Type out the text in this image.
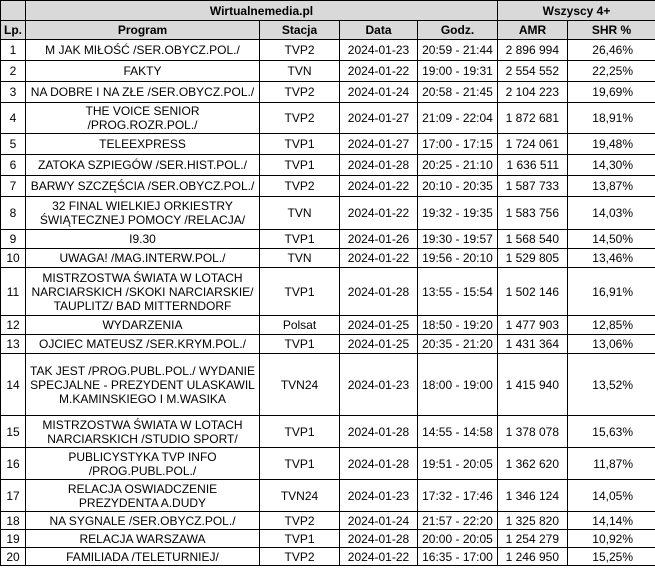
	Wirtualnemedia.pl				Wszyscy 4+	
Lp.	Program	Stacja	Data	Godz.	AMR	SHR %
1	M JAK MIŁOŚĆ /SER.OBYCZ.POL./	TVP2	2024-01-23	20:59 - 21:44	2 896 994	26,46%
2	FAKTY	TVN	2024-01-22	19:00 - 19:31	2 554 552	22,25%
3	NA DOBRE I NA ZŁE /SER.OBYCZ.POL./	TVP2	2024-01-24	20:58 - 21:45	2 104 223	19,69%
4	THE VOICE SENIOR /PROG.ROZR.POL./	TVP2	2024-01-27	21:09 - 22:04	1 872 681	18,91%
5	TELEEXPRESS	TVP1	2024-01-27	17:00 - 17:15	1 724 061	19,48%
6	ZATOKA SZPIEGÓW /SER.HIST.POL./	TVP1	2024-01-28	20:25 - 21:10	1 636 511	14,30%
7	BARWY SZCZĘŚCIA /SER.OBYCZ.POL./	TVP2	2024-01-22	20:10 - 20:35	1 587 733	13,87%
8	32 FINAL WIELKIEJ ORKIESTRY ŚWIĄTECZNEJ POMOCY /RELACJA/	TVN	2024-01-22	19:32 - 19:35	1 583 756	14,03%
9	I9.30	TVP1	2024-01-26	19:30 - 19:57	1 568 540	14,50%
10	UWAGA! /MAG.INTERW.POL./	TVN	2024-01-22	19:56 - 20:10	1 529 805	13,46%
11	MISTRZOSTWA ŚWIATA W LOTACH NARCIARSKICH /SKOKI NARCIARSKIE/ TAUPLITZ/ BAD MITTERNDORF	TVP1	2024-01-28	13:55 - 15:54	1 502 146	16,91%
12	WYDARZENIA	Polsat	2024-01-25	18:50 - 19:20	1 477 903	12,85%
13	OJCIEC MATEUSZ /SER.KRYM.POL./	TVP1	2024-01-25	20:35 - 21:20	1 431 364	13,06%
14	TAK JEST /PROG.PUBL.POL./ WYDANIE SPECJALNE - PREZYDENT ULASKAWIL M.KAMINSKIEGO I M.WASIKA	TVN24	2024-01-23	18:00 - 19:00	1 415 940	13,52%
15	MISTRZOSTWA ŚWIATA W LOTACH NARCIARSKICH /STUDIO SPORT/	TVP1	2024-01-28	14:55 - 14:58	1 378 078	15,63%
16	PUBLICYSTYKA TVP INFO /PROG.PUBL.POL./	TVP1	2024-01-28	19:51 - 20:05	1 362 620	11,87%
17	RELACJA OSWIADCZENIE PREZYDENTA A.DUDY	TVN24	2024-01-23	17:32 - 17:46	1 346 124	14,05%
18	NA SYGNALE /SER.OBYCZ.POL./	TVP2	2024-01-24	21:57 - 22:20	1 325 820	14,14%
19	RELACJA WARSZAWA	TVP1	2024-01-28	20:00 - 20:05	1 254 279	10,92%
20	FAMILIADA /TELETURNIEJ/	TVP2	2024-01-22	16:35 - 17:00	1 246 950	15,25%
